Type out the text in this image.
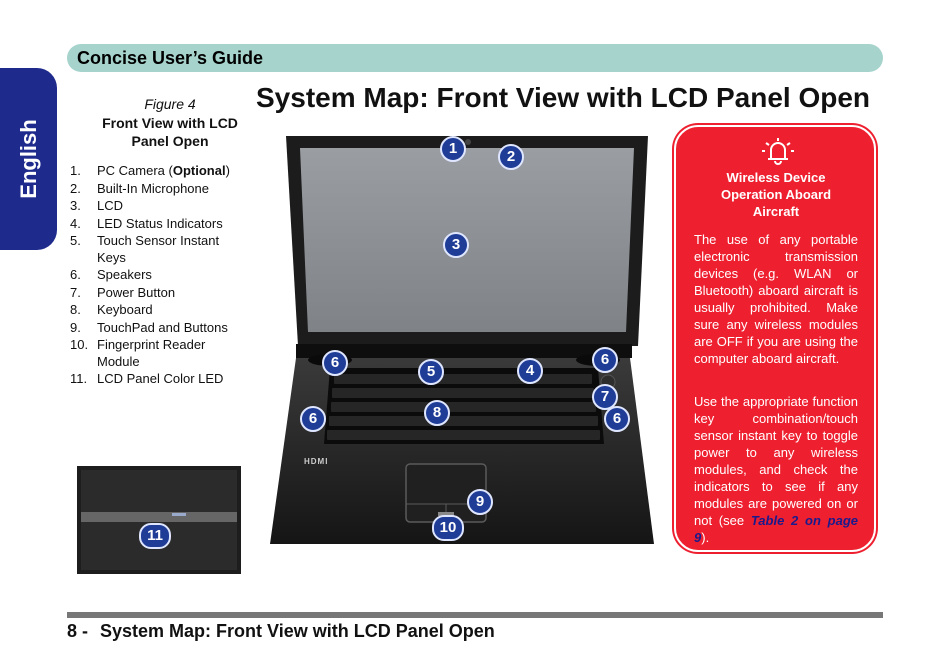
Concise User’s Guide
English
System Map: Front View with LCD Panel Open
Figure 4
Front View with LCD
Panel Open
1. PC Camera (Optional)
2. Built-In Microphone
3. LCD
4. LED Status Indicators
5. Touch Sensor Instant Keys
6. Speakers
7. Power Button
8. Keyboard
9. TouchPad and Buttons
10. Fingerprint Reader Module
11. LCD Panel Color LED
HDMI
1	2
3
4
5
6	6
6	6
7
8
9
10
11
Wireless Device
Operation Aboard
Aircraft

The use of any portable electronic transmission devices (e.g. WLAN or Bluetooth) aboard aircraft is usually prohibited. Make sure any wireless modules are OFF if you are using the computer aboard aircraft.

Use the appropriate function key combination/touch sensor instant key to toggle power to any wireless modules, and check the indicators to see if any modules are powered on or not (see Table 2 on page 9).

8 - System Map: Front View with LCD Panel Open
